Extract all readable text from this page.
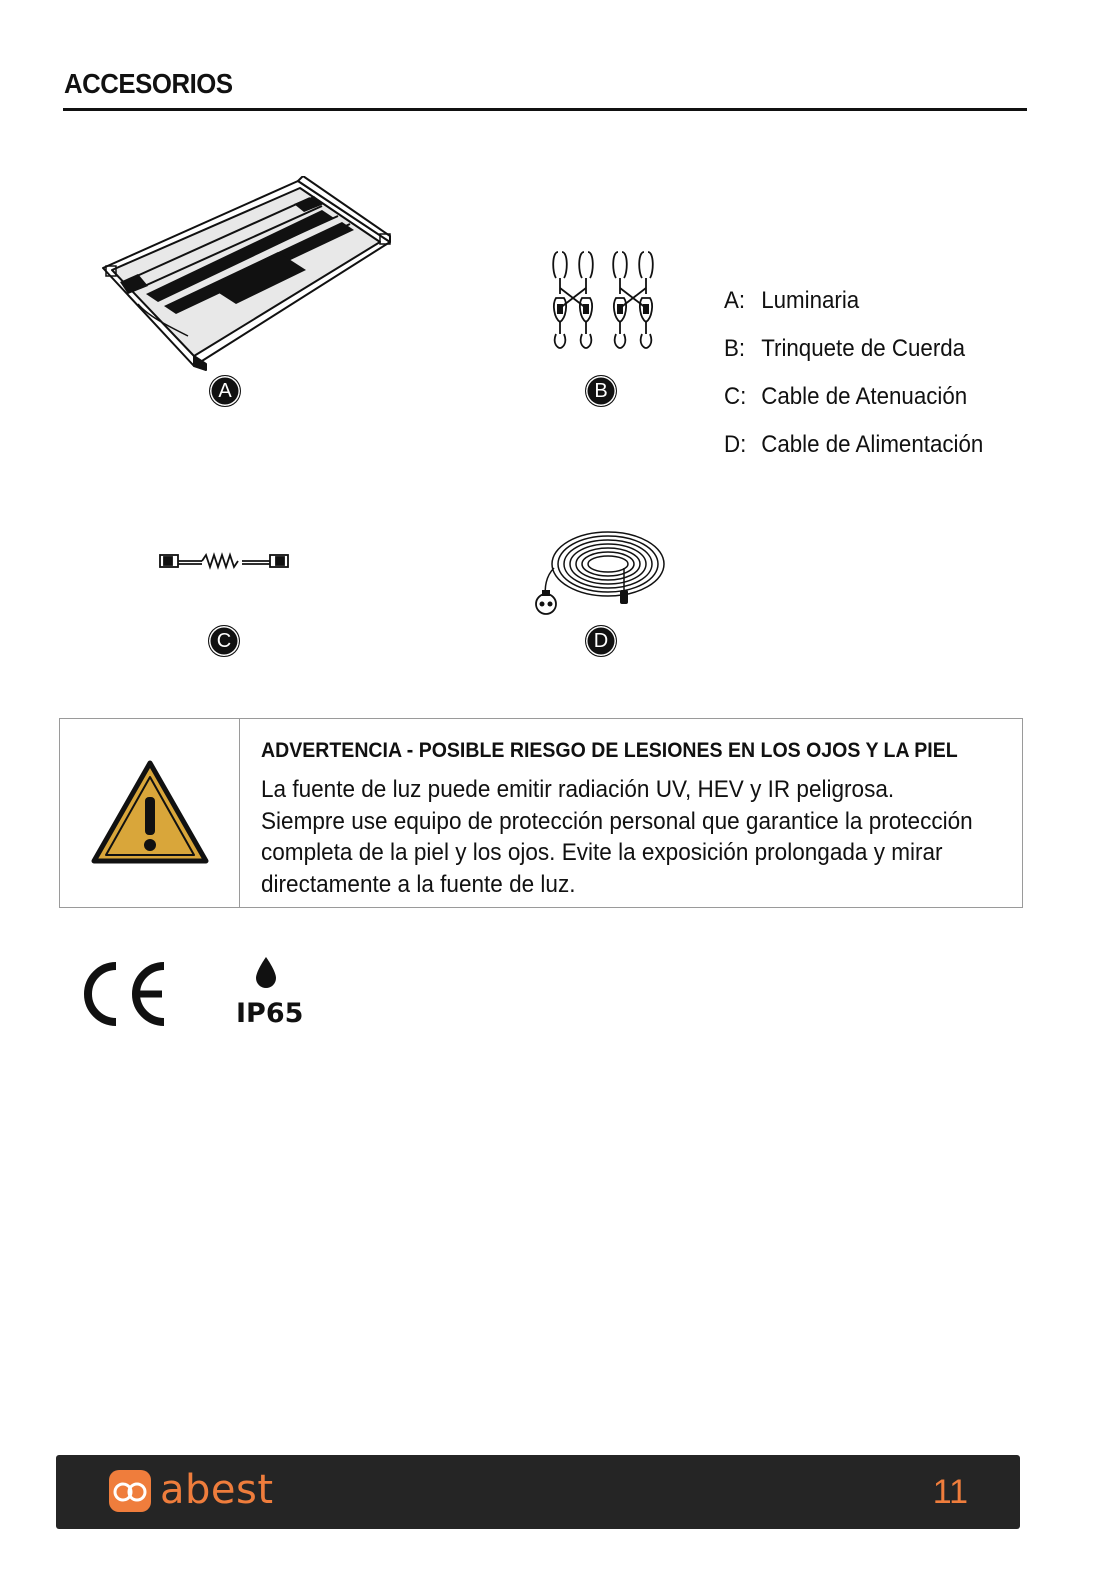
ACCESORIOS
A	B
C	D
A: Luminaria
B: Trinquete de Cuerda
C: Cable de Atenuación
D: Cable de Alimentación
ADVERTENCIA - POSIBLE RIESGO DE LESIONES EN LOS OJOS Y LA PIEL
La fuente de luz puede emitir radiación UV, HEV y IR peligrosa.
Siempre use equipo de protección personal que garantice la protección
completa de la piel y los ojos. Evite la exposición prolongada y mirar
directamente a la fuente de luz.
IP65
abest	11
